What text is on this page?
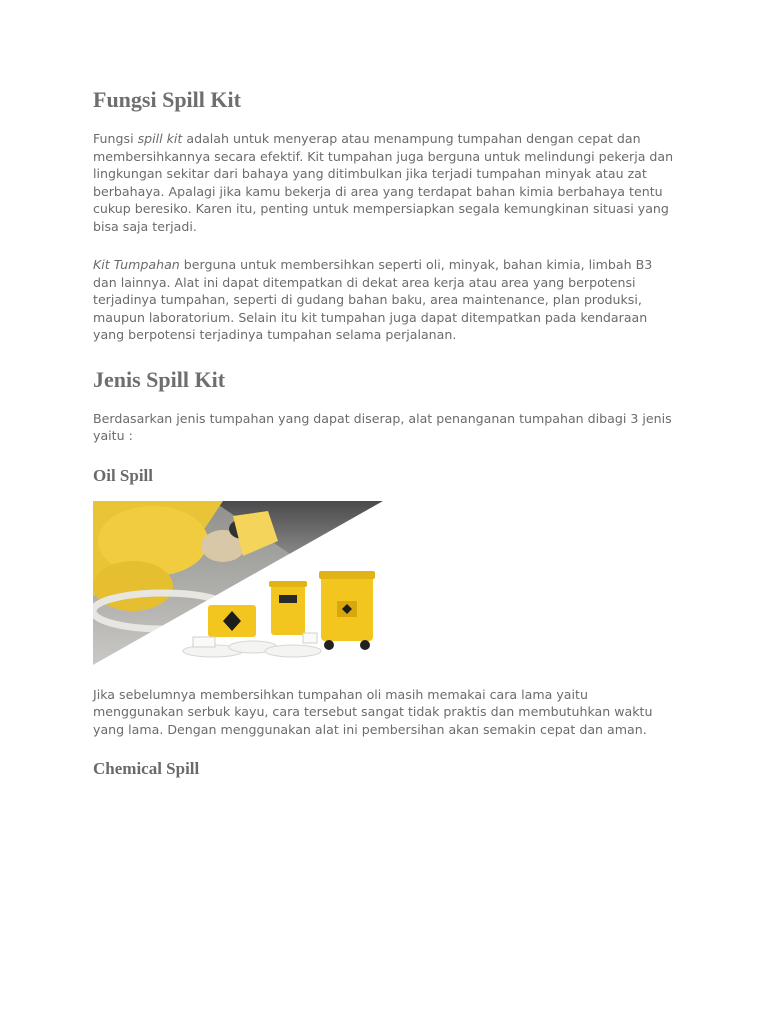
Fungsi Spill Kit

Fungsi spill kit adalah untuk menyerap atau menampung tumpahan dengan cepat dan membersihkannya secara efektif. Kit tumpahan juga berguna untuk melindungi pekerja dan lingkungan sekitar dari bahaya yang ditimbulkan jika terjadi tumpahan minyak atau zat berbahaya. Apalagi jika kamu bekerja di area yang terdapat bahan kimia berbahaya tentu cukup beresiko. Karen itu, penting untuk mempersiapkan segala kemungkinan situasi yang bisa saja terjadi.

Kit Tumpahan berguna untuk membersihkan seperti oli, minyak, bahan kimia, limbah B3 dan lainnya. Alat ini dapat ditempatkan di dekat area kerja atau area yang berpotensi terjadinya tumpahan, seperti di gudang bahan baku, area maintenance, plan produksi, maupun laboratorium. Selain itu kit tumpahan juga dapat ditempatkan pada kendaraan yang berpotensi terjadinya tumpahan selama perjalanan.

Jenis Spill Kit

Berdasarkan jenis tumpahan yang dapat diserap, alat penanganan tumpahan dibagi 3 jenis yaitu :

Oil Spill

Jika sebelumnya membersihkan tumpahan oli masih memakai cara lama yaitu menggunakan serbuk kayu, cara tersebut sangat tidak praktis dan membutuhkan waktu yang lama. Dengan menggunakan alat ini pembersihan akan semakin cepat dan aman.

Chemical Spill
